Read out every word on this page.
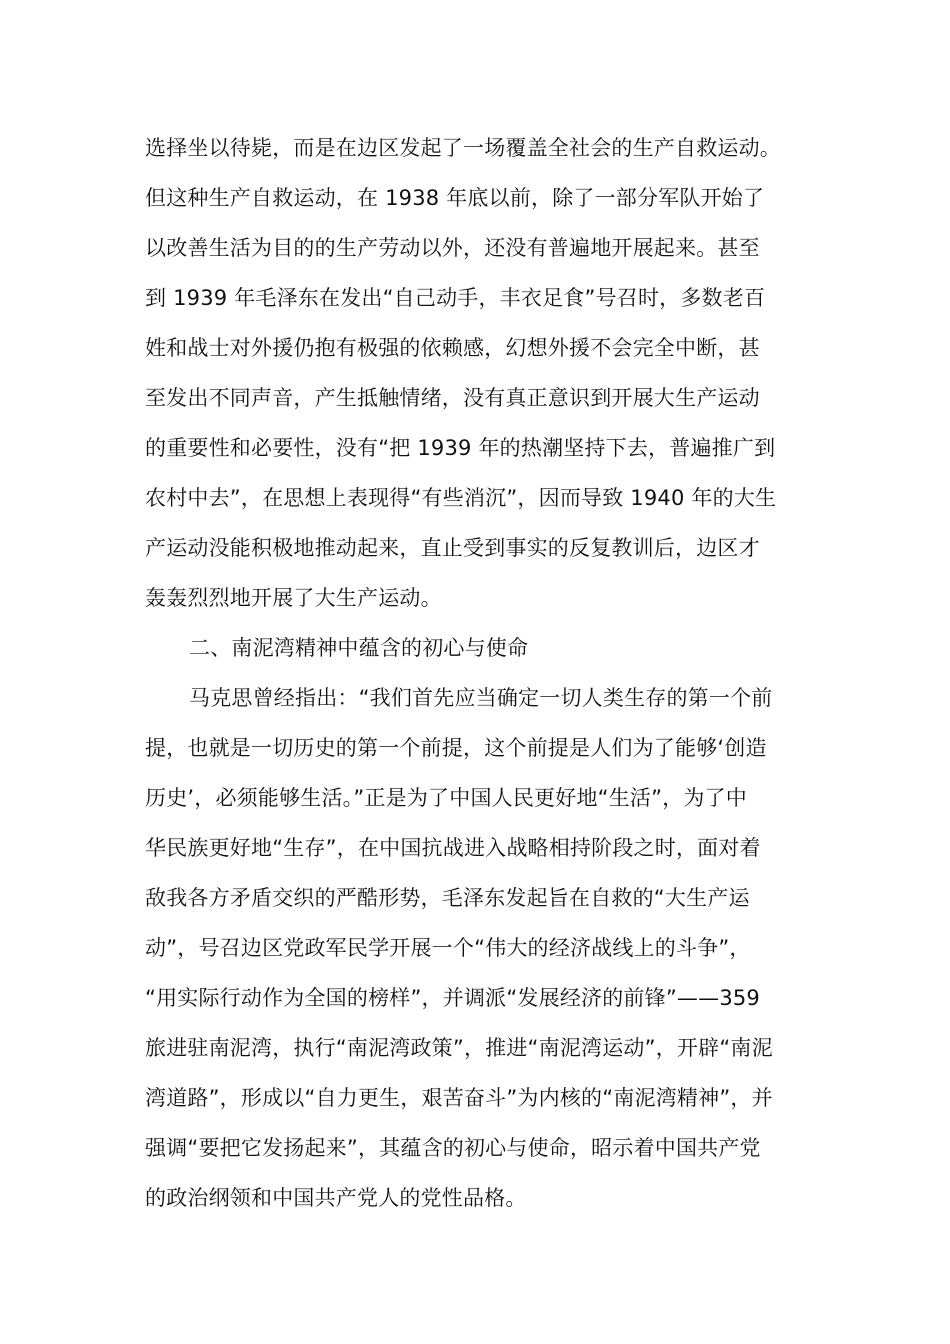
选择坐以待毙，而是在边区发起了一场覆盖全社会的生产自救运动。
但这种生产自救运动，在 1938 年底以前，除了一部分军队开始了
以改善生活为目的的生产劳动以外，还没有普遍地开展起来。甚至
到 1939 年毛泽东在发出“自己动手，丰衣足食”号召时，多数老百
姓和战士对外援仍抱有极强的依赖感，幻想外援不会完全中断，甚
至发出不同声音，产生抵触情绪，没有真正意识到开展大生产运动
的重要性和必要性，没有“把 1939 年的热潮坚持下去，普遍推广到
农村中去”，在思想上表现得“有些消沉”，因而导致 1940 年的大生
产运动没能积极地推动起来，直止受到事实的反复教训后，边区才
轰轰烈烈地开展了大生产运动。
二、南泥湾精神中蕴含的初心与使命
马克思曾经指出：“我们首先应当确定一切人类生存的第一个前
提，也就是一切历史的第一个前提，这个前提是人们为了能够‘创造
历史’，必须能够生活。”正是为了中国人民更好地“生活”，为了中
华民族更好地“生存”，在中国抗战进入战略相持阶段之时，面对着
敌我各方矛盾交织的严酷形势，毛泽东发起旨在自救的“大生产运
动”，号召边区党政军民学开展一个“伟大的经济战线上的斗争”，
“用实际行动作为全国的榜样”，并调派“发展经济的前锋”——359
旅进驻南泥湾，执行“南泥湾政策”，推进“南泥湾运动”，开辟“南泥
湾道路”，形成以“自力更生，艰苦奋斗”为内核的“南泥湾精神”，并
强调“要把它发扬起来”，其蕴含的初心与使命，昭示着中国共产党
的政治纲领和中国共产党人的党性品格。
